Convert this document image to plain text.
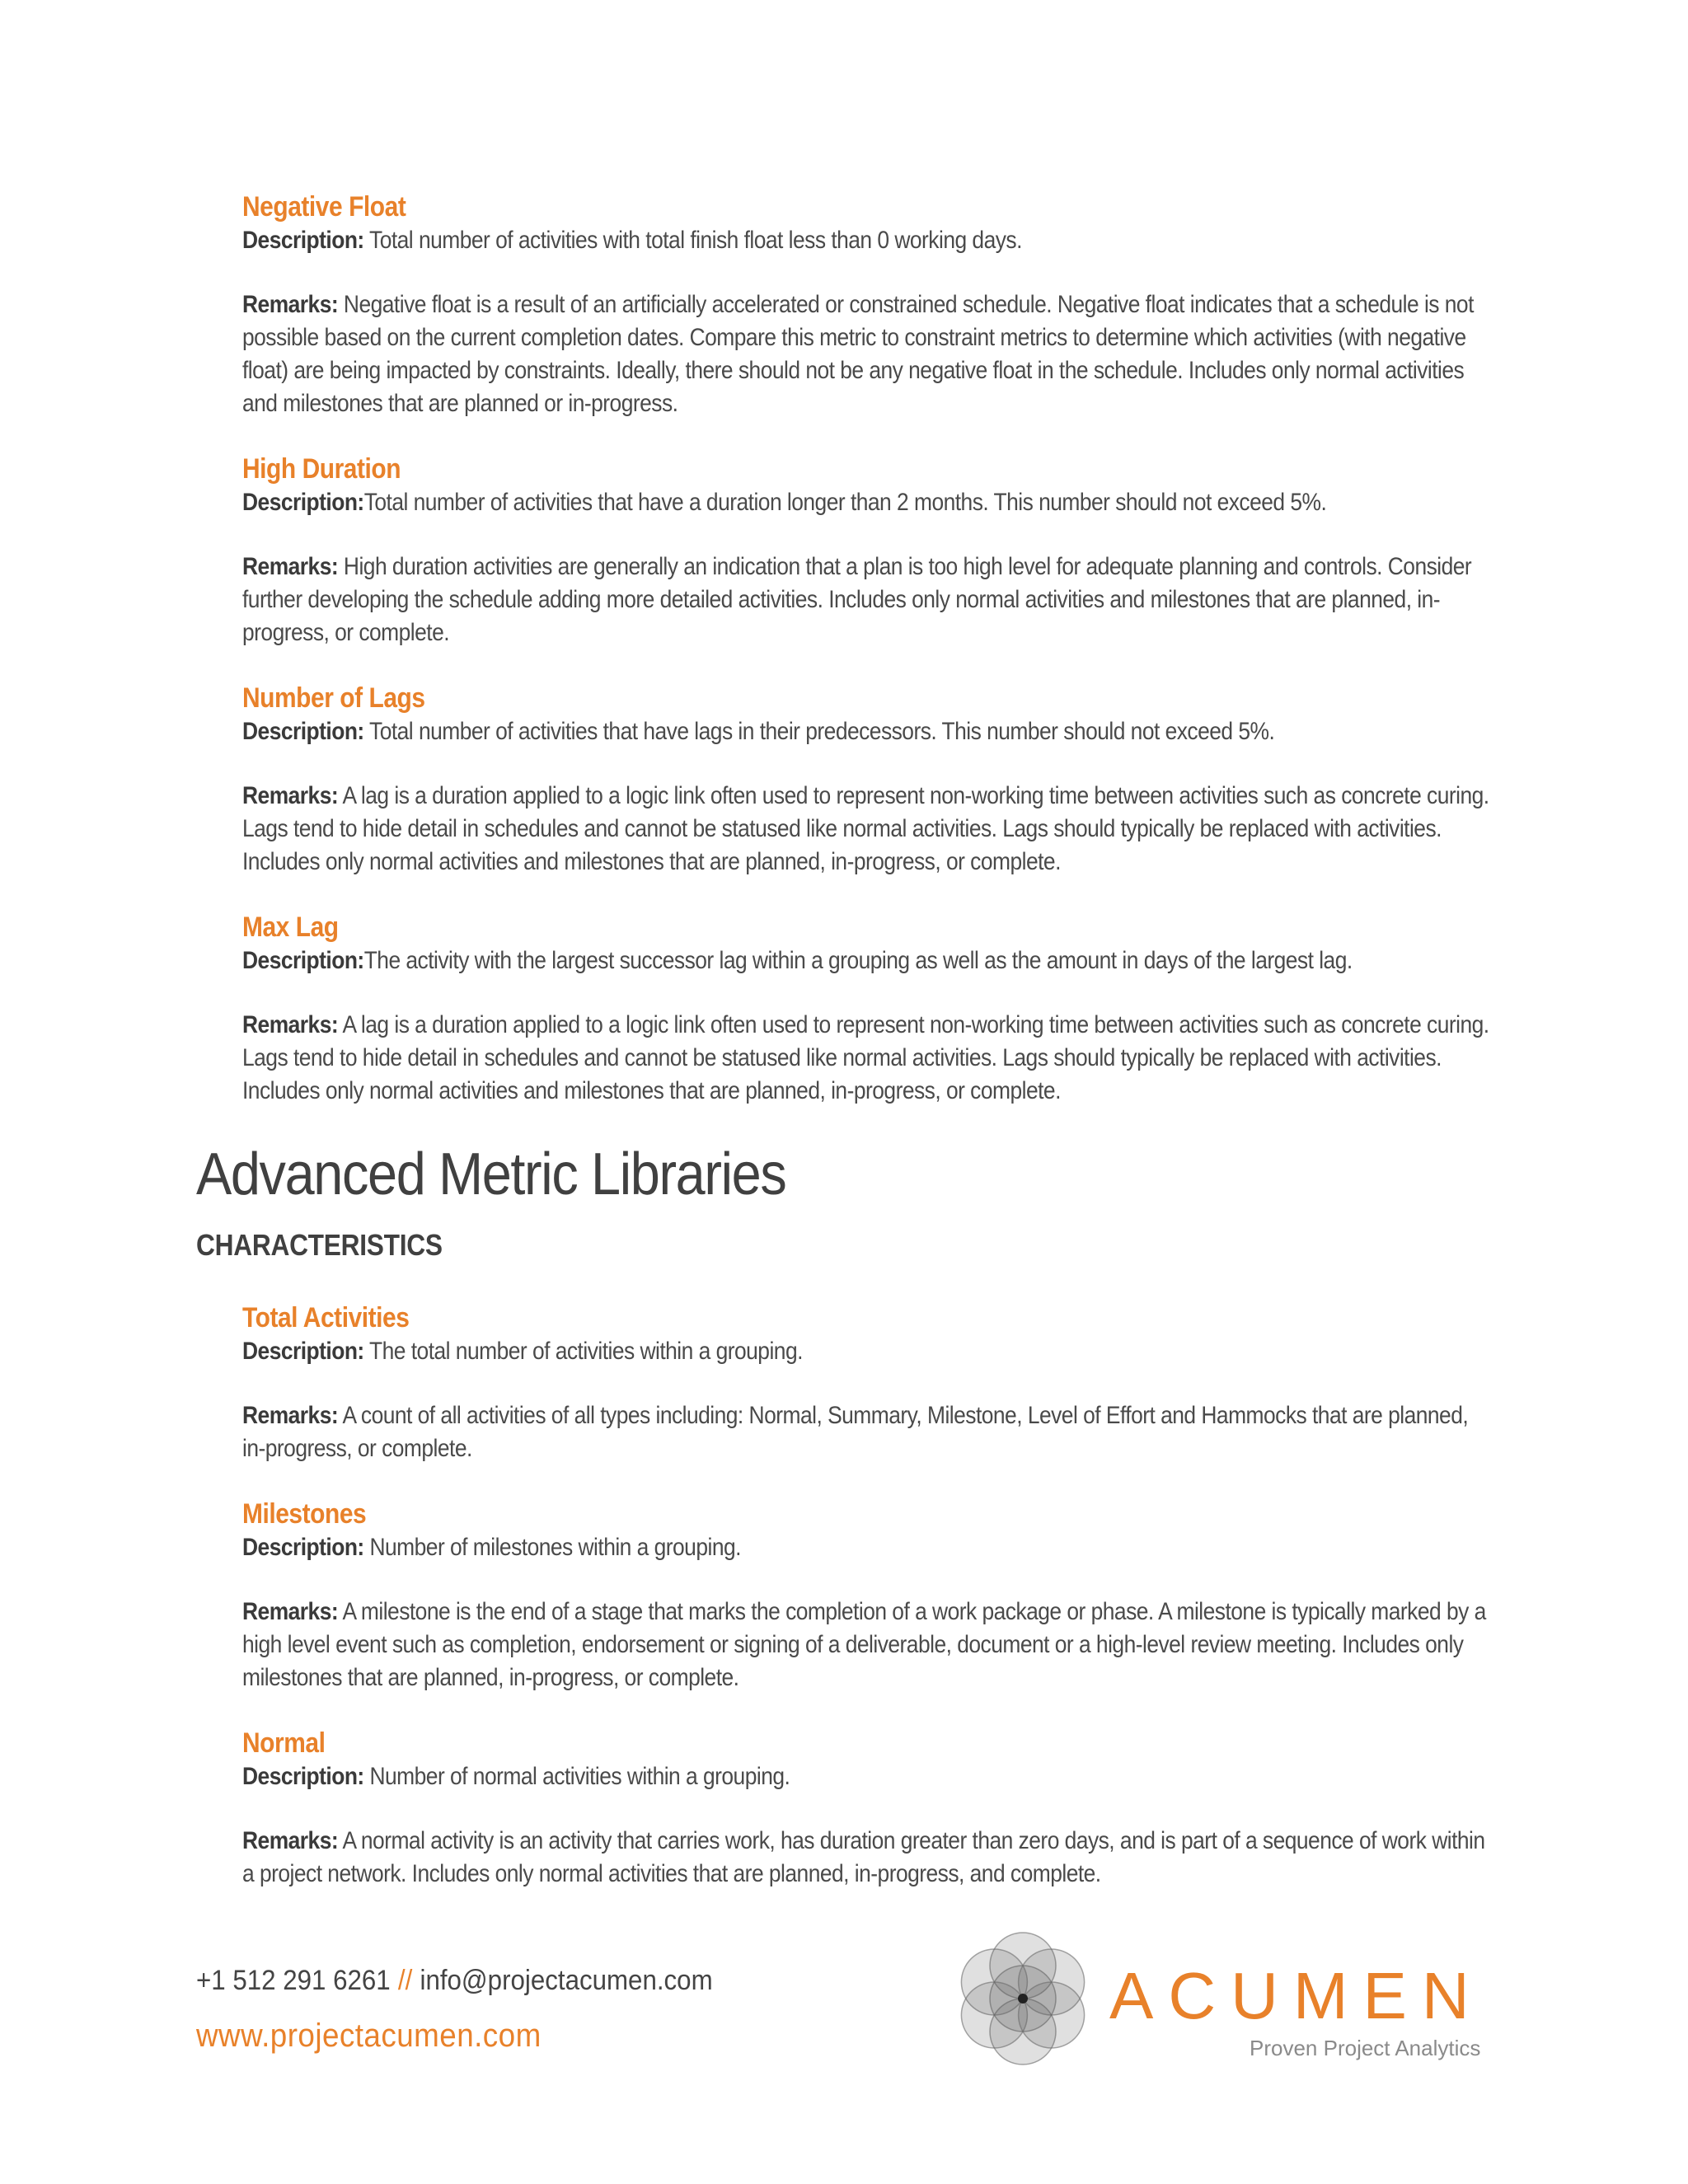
Negative Float

Description: Total number of activities with total finish float less than 0 working days.

Remarks: Negative float is a result of an artificially accelerated or constrained schedule. Negative float indicates that a schedule is not possible based on the current completion dates. Compare this metric to constraint metrics to determine which activities (with negative float) are being impacted by constraints. Ideally, there should not be any negative float in the schedule. Includes only normal activities and milestones that are planned or in-progress.

High Duration

Description:Total number of activities that have a duration longer than 2 months. This number should not exceed 5%.

Remarks: High duration activities are generally an indication that a plan is too high level for adequate planning and controls. Consider further developing the schedule adding more detailed activities. Includes only normal activities and milestones that are planned, in-progress, or complete.

Number of Lags

Description: Total number of activities that have lags in their predecessors. This number should not exceed 5%.

Remarks: A lag is a duration applied to a logic link often used to represent non-working time between activities such as concrete curing. Lags tend to hide detail in schedules and cannot be statused like normal activities. Lags should typically be replaced with activities. Includes only normal activities and milestones that are planned, in-progress, or complete.

Max Lag

Description:The activity with the largest successor lag within a grouping as well as the amount in days of the largest lag.

Remarks: A lag is a duration applied to a logic link often used to represent non-working time between activities such as concrete curing. Lags tend to hide detail in schedules and cannot be statused like normal activities. Lags should typically be replaced with activities. Includes only normal activities and milestones that are planned, in-progress, or complete.

Advanced Metric Libraries
CHARACTERISTICS
Total Activities

Description: The total number of activities within a grouping.

Remarks: A count of all activities of all types including: Normal, Summary, Milestone, Level of Effort and Hammocks that are planned, in-progress, or complete.

Milestones

Description: Number of milestones within a grouping.

Remarks: A milestone is the end of a stage that marks the completion of a work package or phase. A milestone is typically marked by a high level event such as completion, endorsement or signing of a deliverable, document or a high-level review meeting. Includes only milestones that are planned, in-progress, or complete.

Normal

Description: Number of normal activities within a grouping.

Remarks: A normal activity is an activity that carries work, has duration greater than zero days, and is part of a sequence of work within a project network. Includes only normal activities that are planned, in-progress, and complete.

+1 512 291 6261 // info@projectacumen.com
www.projectacumen.com
ACUMEN
Proven Project Analytics
